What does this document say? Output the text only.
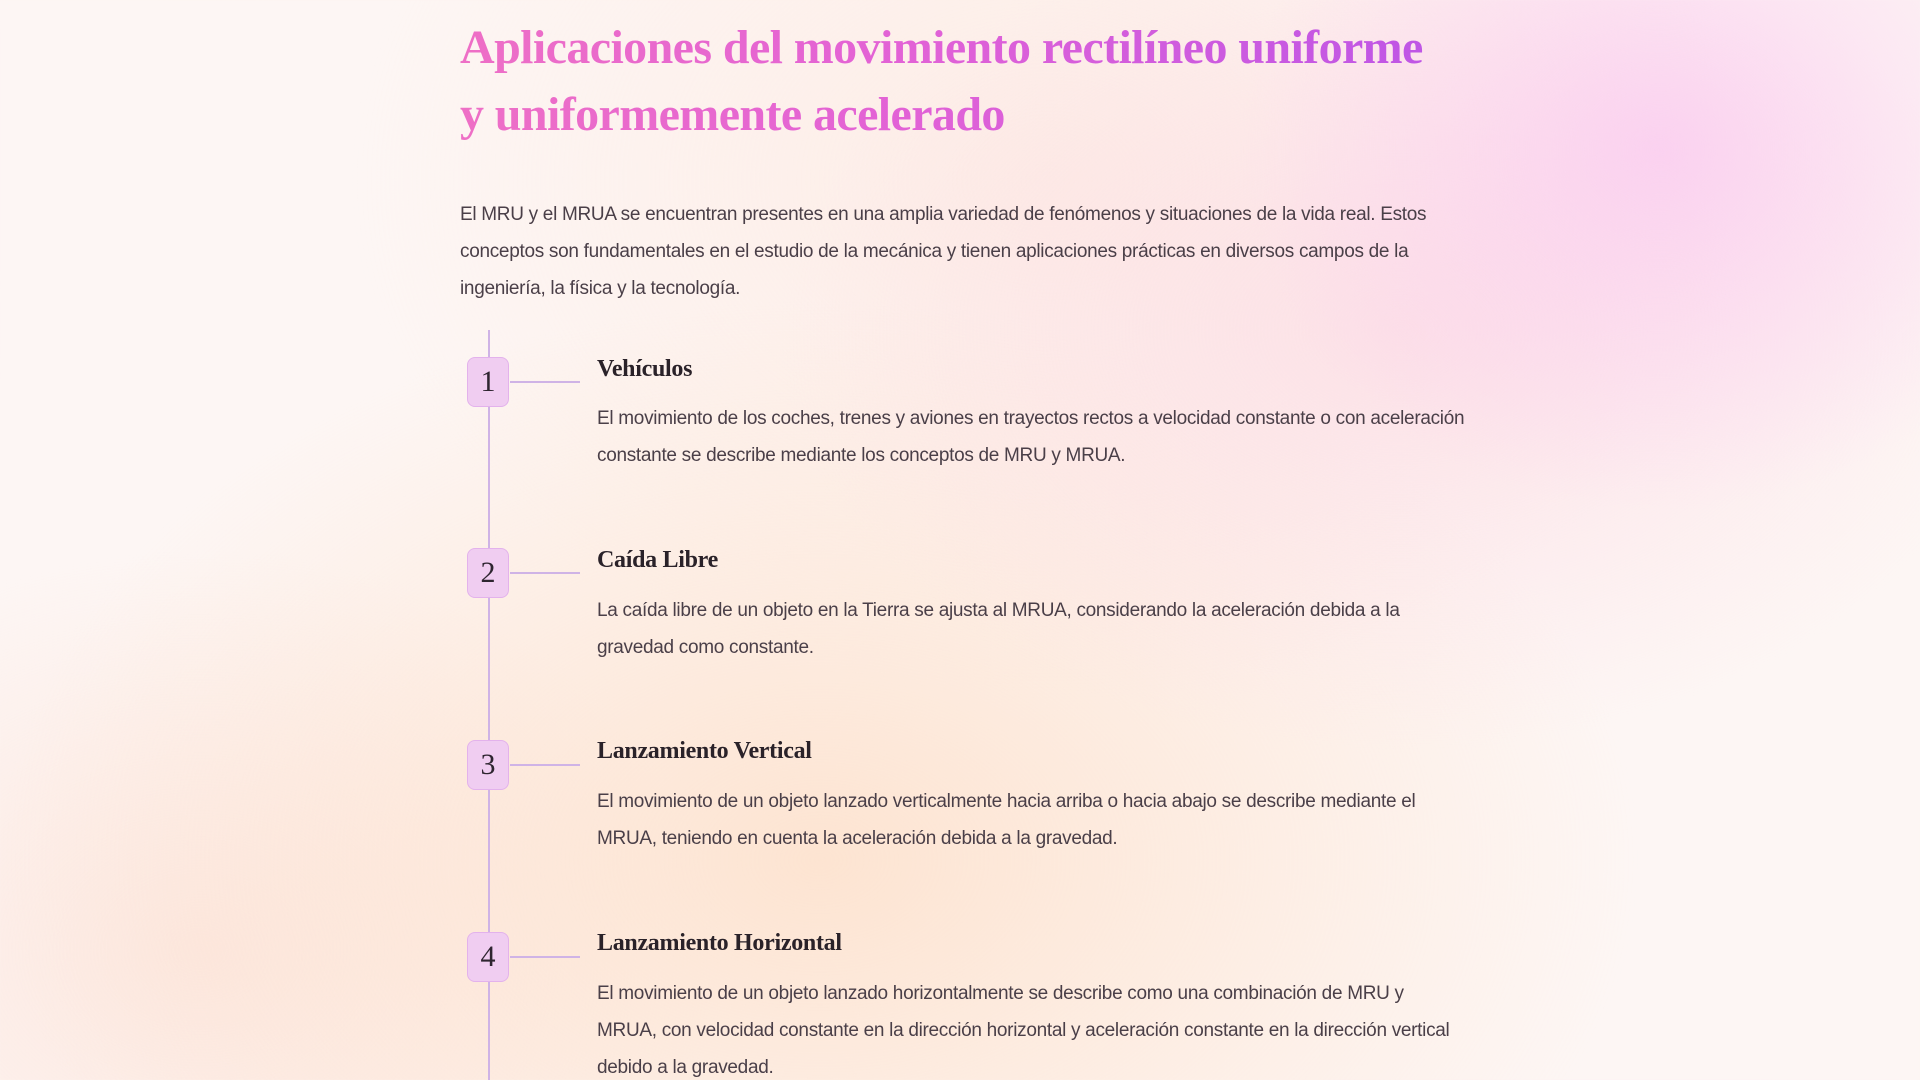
Aplicaciones del movimiento rectilíneo uniforme y uniformemente acelerado

El MRU y el MRUA se encuentran presentes en una amplia variedad de fenómenos y situaciones de la vida real. Estos conceptos son fundamentales en el estudio de la mecánica y tienen aplicaciones prácticas en diversos campos de la ingeniería, la física y la tecnología.

1	Vehículos

El movimiento de los coches, trenes y aviones en trayectos rectos a velocidad constante o con aceleración constante se describe mediante los conceptos de MRU y MRUA.

2	Caída Libre

La caída libre de un objeto en la Tierra se ajusta al MRUA, considerando la aceleración debida a la gravedad como constante.

3	Lanzamiento Vertical

El movimiento de un objeto lanzado verticalmente hacia arriba o hacia abajo se describe mediante el MRUA, teniendo en cuenta la aceleración debida a la gravedad.

4	Lanzamiento Horizontal

El movimiento de un objeto lanzado horizontalmente se describe como una combinación de MRU y MRUA, con velocidad constante en la dirección horizontal y aceleración constante en la dirección vertical debido a la gravedad.
